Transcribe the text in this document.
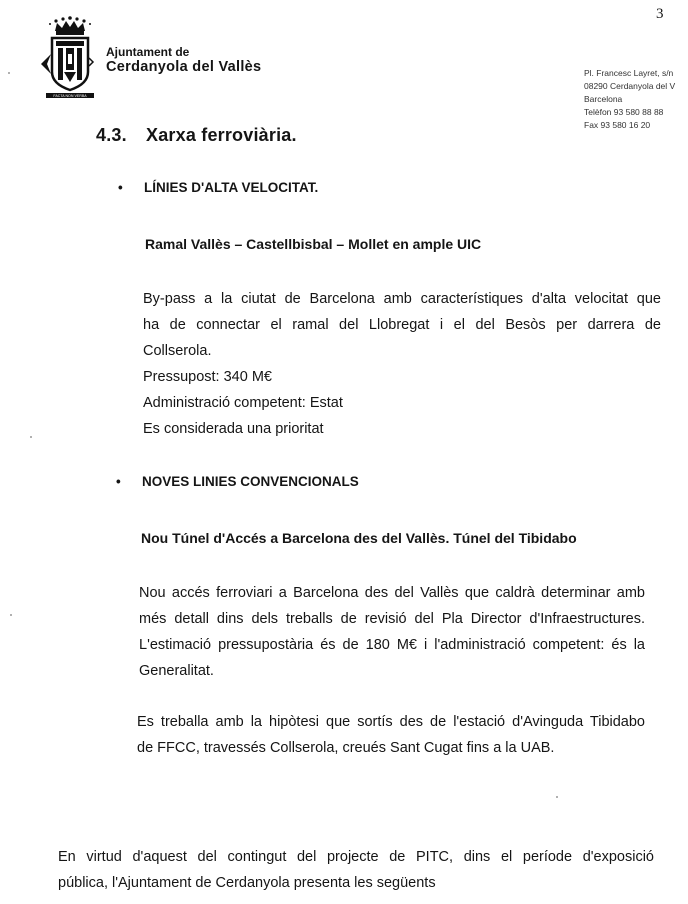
3
FACTA NON VERBA
Ajuntament de
Cerdanyola del Vallès	Pl. Francesc Layret, s/n
08290 Cerdanyola del V
Barcelona
Telèfon 93 580 88 88
Fax 93 580 16 20
4.3. Xarxa ferroviària.
• LÍNIES D'ALTA VELOCITAT.
Ramal Vallès – Castellbisbal – Mollet en ample UIC
By-pass a la ciutat de Barcelona amb característiques d'alta velocitat que
ha de connectar el ramal del Llobregat i el del Besòs per darrera de
Collserola.
Pressupost: 340 M€
Administració competent: Estat
Es considerada una prioritat
• NOVES LINIES CONVENCIONALS
Nou Túnel d'Accés a Barcelona des del Vallès. Túnel del Tibidabo
Nou accés ferroviari a Barcelona des del Vallès que caldrà determinar amb
més detall dins dels treballs de revisió del Pla Director d'Infraestructures.
L'estimació pressupostària és de 180 M€ i l'administració competent: és la
Generalitat.
Es treballa amb la hipòtesi que sortís des de l'estació d'Avinguda Tibidabo
de FFCC, travessés Collserola, creués Sant Cugat fins a la UAB.
En virtud d'aquest del contingut del projecte de PITC, dins el període d'exposició
pública, l'Ajuntament de Cerdanyola presenta les següents
